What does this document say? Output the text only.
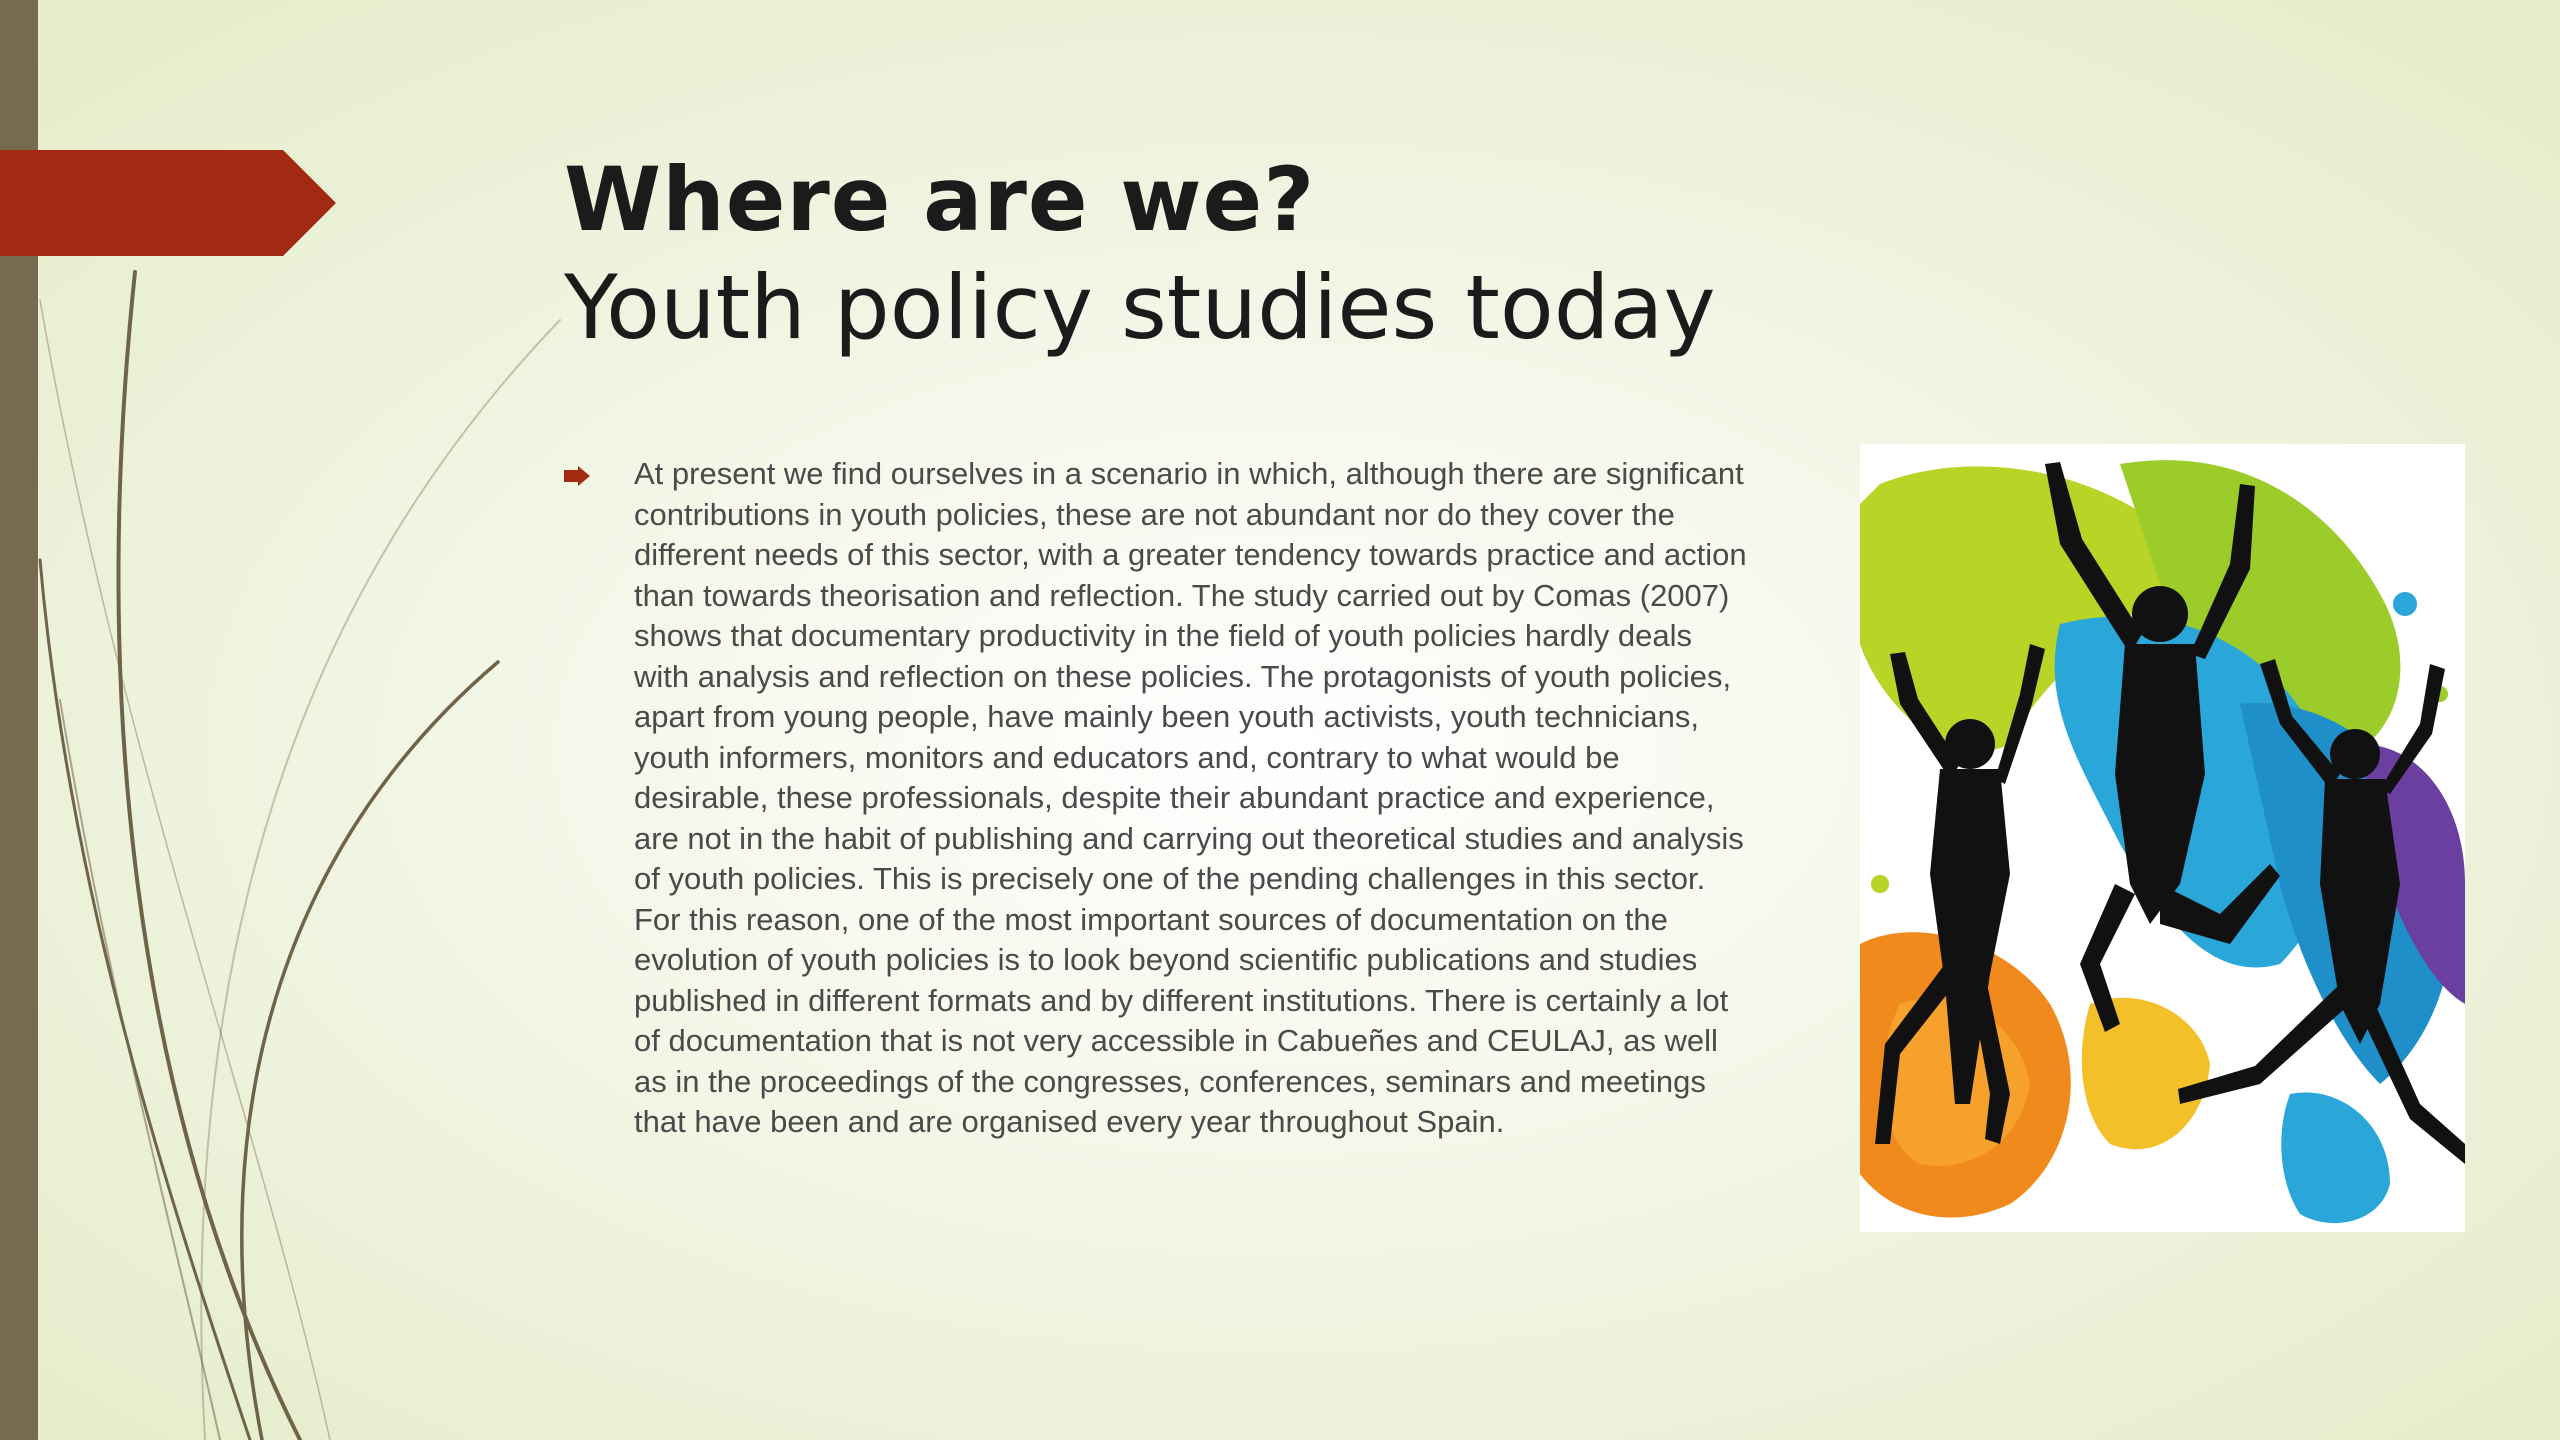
Where are we?
Youth policy studies today
At present we find ourselves in a scenario in which, although there are significant contributions in youth policies, these are not abundant nor do they cover the different needs of this sector, with a greater tendency towards practice and action than towards theorisation and reflection. The study carried out by Comas (2007) shows that documentary productivity in the field of youth policies hardly deals with analysis and reflection on these policies. The protagonists of youth policies, apart from young people, have mainly been youth activists, youth technicians, youth informers, monitors and educators and, contrary to what would be desirable, these professionals, despite their abundant practice and experience, are not in the habit of publishing and carrying out theoretical studies and analysis of youth policies. This is precisely one of the pending challenges in this sector. For this reason, one of the most important sources of documentation on the evolution of youth policies is to look beyond scientific publications and studies published in different formats and by different institutions. There is certainly a lot of documentation that is not very accessible in Cabueñes and CEULAJ, as well as in the proceedings of the congresses, conferences, seminars and meetings that have been and are organised every year throughout Spain.
